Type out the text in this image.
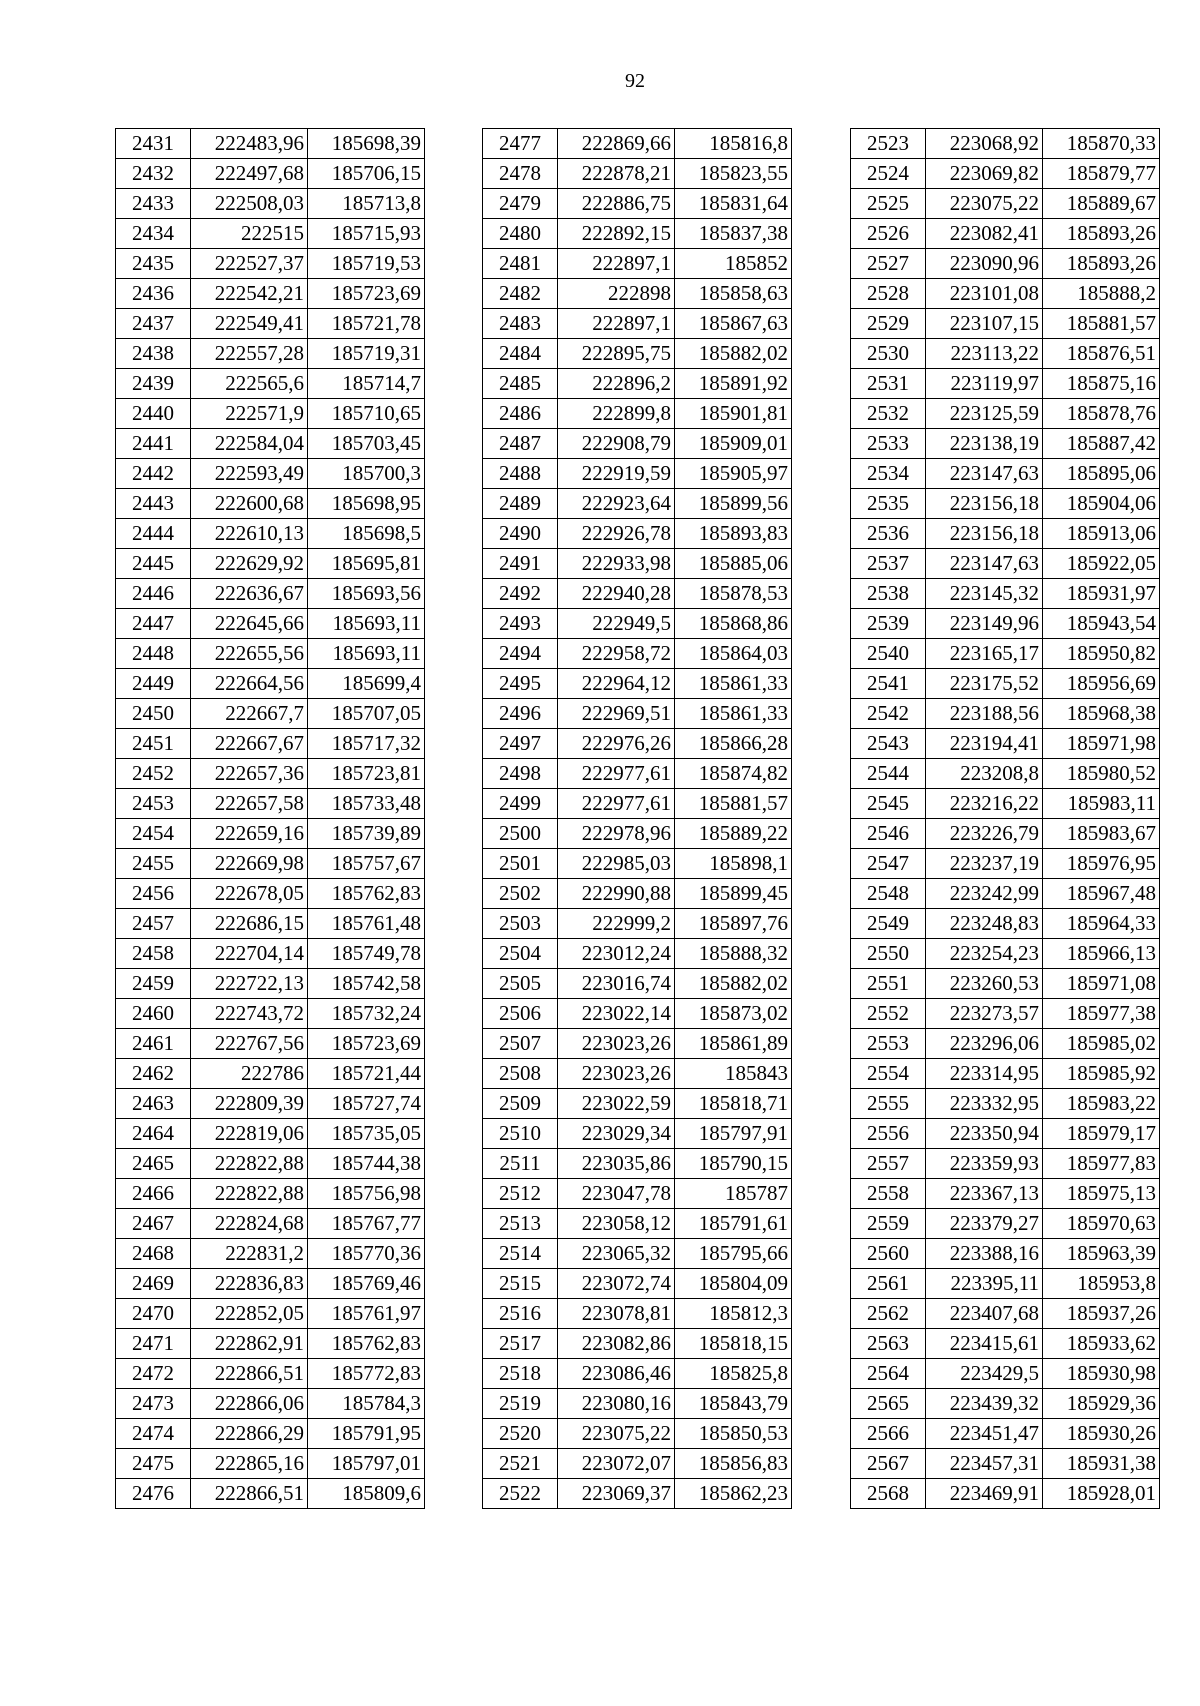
92
2431	222483,96	185698,39
2432	222497,68	185706,15
2433	222508,03	185713,8
2434	222515	185715,93
2435	222527,37	185719,53
2436	222542,21	185723,69
2437	222549,41	185721,78
2438	222557,28	185719,31
2439	222565,6	185714,7
2440	222571,9	185710,65
2441	222584,04	185703,45
2442	222593,49	185700,3
2443	222600,68	185698,95
2444	222610,13	185698,5
2445	222629,92	185695,81
2446	222636,67	185693,56
2447	222645,66	185693,11
2448	222655,56	185693,11
2449	222664,56	185699,4
2450	222667,7	185707,05
2451	222667,67	185717,32
2452	222657,36	185723,81
2453	222657,58	185733,48
2454	222659,16	185739,89
2455	222669,98	185757,67
2456	222678,05	185762,83
2457	222686,15	185761,48
2458	222704,14	185749,78
2459	222722,13	185742,58
2460	222743,72	185732,24
2461	222767,56	185723,69
2462	222786	185721,44
2463	222809,39	185727,74
2464	222819,06	185735,05
2465	222822,88	185744,38
2466	222822,88	185756,98
2467	222824,68	185767,77
2468	222831,2	185770,36
2469	222836,83	185769,46
2470	222852,05	185761,97
2471	222862,91	185762,83
2472	222866,51	185772,83
2473	222866,06	185784,3
2474	222866,29	185791,95
2475	222865,16	185797,01
2476	222866,51	185809,6
2477	222869,66	185816,8
2478	222878,21	185823,55
2479	222886,75	185831,64
2480	222892,15	185837,38
2481	222897,1	185852
2482	222898	185858,63
2483	222897,1	185867,63
2484	222895,75	185882,02
2485	222896,2	185891,92
2486	222899,8	185901,81
2487	222908,79	185909,01
2488	222919,59	185905,97
2489	222923,64	185899,56
2490	222926,78	185893,83
2491	222933,98	185885,06
2492	222940,28	185878,53
2493	222949,5	185868,86
2494	222958,72	185864,03
2495	222964,12	185861,33
2496	222969,51	185861,33
2497	222976,26	185866,28
2498	222977,61	185874,82
2499	222977,61	185881,57
2500	222978,96	185889,22
2501	222985,03	185898,1
2502	222990,88	185899,45
2503	222999,2	185897,76
2504	223012,24	185888,32
2505	223016,74	185882,02
2506	223022,14	185873,02
2507	223023,26	185861,89
2508	223023,26	185843
2509	223022,59	185818,71
2510	223029,34	185797,91
2511	223035,86	185790,15
2512	223047,78	185787
2513	223058,12	185791,61
2514	223065,32	185795,66
2515	223072,74	185804,09
2516	223078,81	185812,3
2517	223082,86	185818,15
2518	223086,46	185825,8
2519	223080,16	185843,79
2520	223075,22	185850,53
2521	223072,07	185856,83
2522	223069,37	185862,23
2523	223068,92	185870,33
2524	223069,82	185879,77
2525	223075,22	185889,67
2526	223082,41	185893,26
2527	223090,96	185893,26
2528	223101,08	185888,2
2529	223107,15	185881,57
2530	223113,22	185876,51
2531	223119,97	185875,16
2532	223125,59	185878,76
2533	223138,19	185887,42
2534	223147,63	185895,06
2535	223156,18	185904,06
2536	223156,18	185913,06
2537	223147,63	185922,05
2538	223145,32	185931,97
2539	223149,96	185943,54
2540	223165,17	185950,82
2541	223175,52	185956,69
2542	223188,56	185968,38
2543	223194,41	185971,98
2544	223208,8	185980,52
2545	223216,22	185983,11
2546	223226,79	185983,67
2547	223237,19	185976,95
2548	223242,99	185967,48
2549	223248,83	185964,33
2550	223254,23	185966,13
2551	223260,53	185971,08
2552	223273,57	185977,38
2553	223296,06	185985,02
2554	223314,95	185985,92
2555	223332,95	185983,22
2556	223350,94	185979,17
2557	223359,93	185977,83
2558	223367,13	185975,13
2559	223379,27	185970,63
2560	223388,16	185963,39
2561	223395,11	185953,8
2562	223407,68	185937,26
2563	223415,61	185933,62
2564	223429,5	185930,98
2565	223439,32	185929,36
2566	223451,47	185930,26
2567	223457,31	185931,38
2568	223469,91	185928,01
